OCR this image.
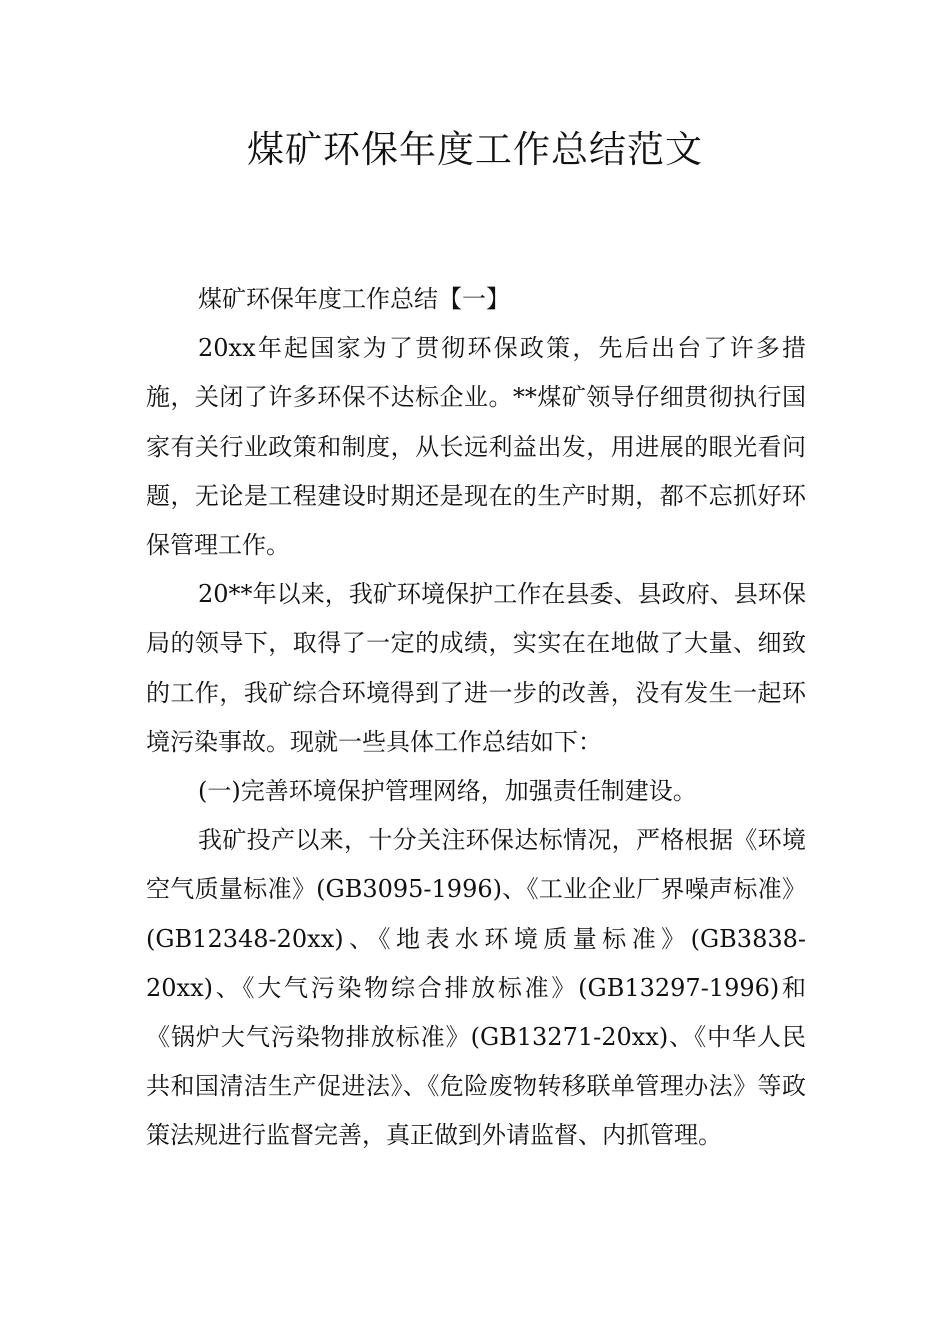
煤矿环保年度工作总结范文

煤矿环保年度工作总结【一】

20xx年起国家为了贯彻环保政策，先后出台了许多措施，关闭了许多环保不达标企业。**煤矿领导仔细贯彻执行国家有关行业政策和制度，从长远利益出发，用进展的眼光看问题，无论是工程建设时期还是现在的生产时期，都不忘抓好环保管理工作。

20**年以来，我矿环境保护工作在县委、县政府、县环保局的领导下，取得了一定的成绩，实实在在地做了大量、细致的工作，我矿综合环境得到了进一步的改善，没有发生一起环境污染事故。现就一些具体工作总结如下：

(一)完善环境保护管理网络，加强责任制建设。

我矿投产以来，十分关注环保达标情况，严格根据《环境空气质量标准》(GB3095-1996)、《工业企业厂界噪声标准》(GB12348-20xx)、《地表水环境质量标准》(GB3838-20xx)、《大气污染物综合排放标准》(GB13297-1996)和《锅炉大气污染物排放标准》(GB13271-20xx)、《中华人民共和国清洁生产促进法》、《危险废物转移联单管理办法》等政策法规进行监督完善，真正做到外请监督、内抓管理。
